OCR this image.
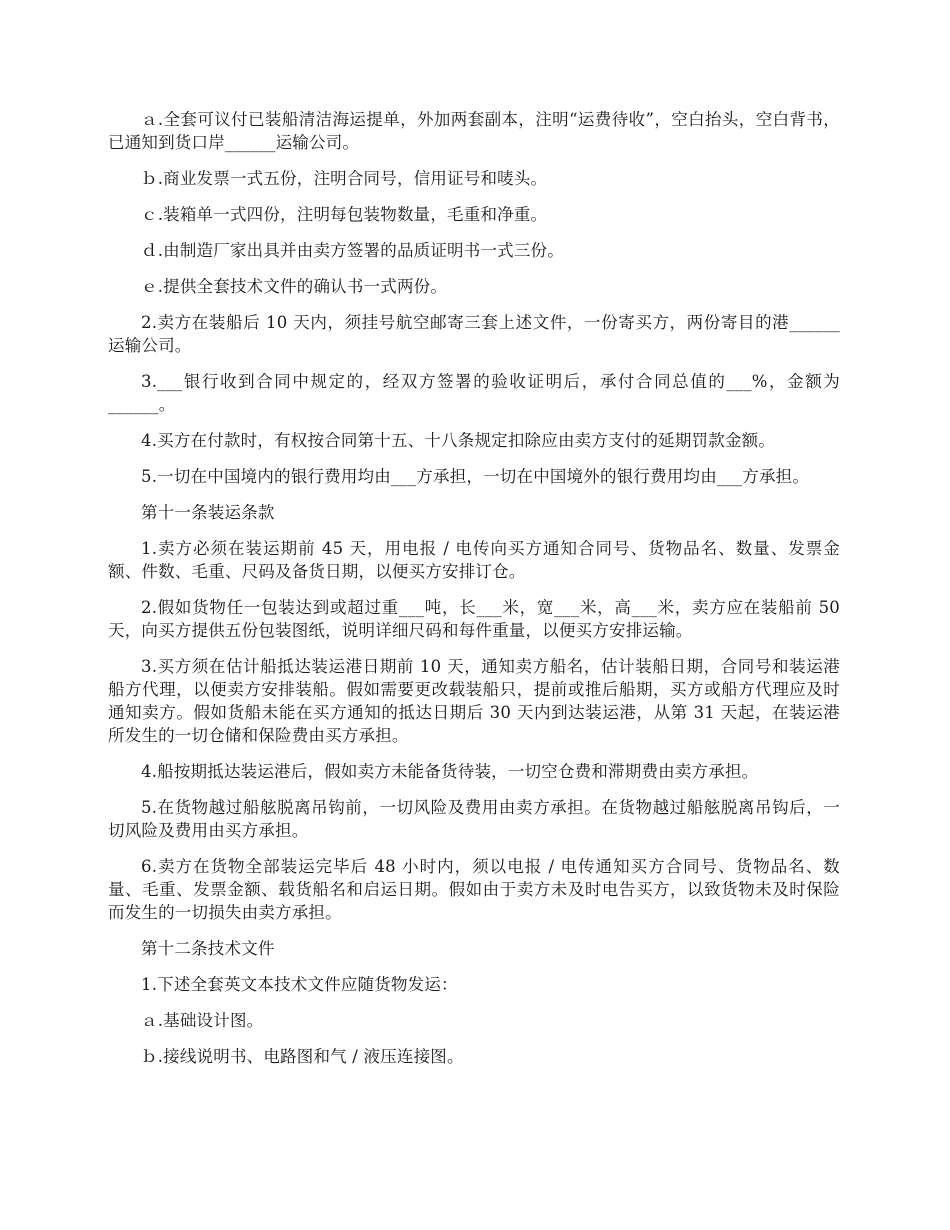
ａ.全套可议付已装船清洁海运提单，外加两套副本，注明“运费待收”，空白抬头，空白背书，已通知到货口岸______运输公司。

ｂ.商业发票一式五份，注明合同号，信用证号和唛头。

ｃ.装箱单一式四份，注明每包装物数量，毛重和净重。

ｄ.由制造厂家出具并由卖方签署的品质证明书一式三份。

ｅ.提供全套技术文件的确认书一式两份。

2.卖方在装船后 10 天内，须挂号航空邮寄三套上述文件，一份寄买方，两份寄目的港______运输公司。

3.___银行收到合同中规定的，经双方签署的验收证明后，承付合同总值的___%，金额为______。

4.买方在付款时，有权按合同第十五、十八条规定扣除应由卖方支付的延期罚款金额。

5.一切在中国境内的银行费用均由___方承担，一切在中国境外的银行费用均由___方承担。

第十一条装运条款

1.卖方必须在装运期前 45 天，用电报 / 电传向买方通知合同号、货物品名、数量、发票金额、件数、毛重、尺码及备货日期，以便买方安排订仓。

2.假如货物任一包装达到或超过重___吨，长___米，宽___米，高___米，卖方应在装船前 50 天，向买方提供五份包装图纸，说明详细尺码和每件重量，以便买方安排运输。

3.买方须在估计船抵达装运港日期前 10 天，通知卖方船名，估计装船日期，合同号和装运港船方代理，以便卖方安排装船。假如需要更改载装船只，提前或推后船期，买方或船方代理应及时通知卖方。假如货船未能在买方通知的抵达日期后 30 天内到达装运港，从第 31 天起，在装运港所发生的一切仓储和保险费由买方承担。

4.船按期抵达装运港后，假如卖方未能备货待装，一切空仓费和滞期费由卖方承担。

5.在货物越过船舷脱离吊钩前，一切风险及费用由卖方承担。在货物越过船舷脱离吊钩后，一切风险及费用由买方承担。

6.卖方在货物全部装运完毕后 48 小时内，须以电报 / 电传通知买方合同号、货物品名、数量、毛重、发票金额、载货船名和启运日期。假如由于卖方未及时电告买方，以致货物未及时保险而发生的一切损失由卖方承担。

第十二条技术文件

1.下述全套英文本技术文件应随货物发运：

ａ.基础设计图。

ｂ.接线说明书、电路图和气 / 液压连接图。
